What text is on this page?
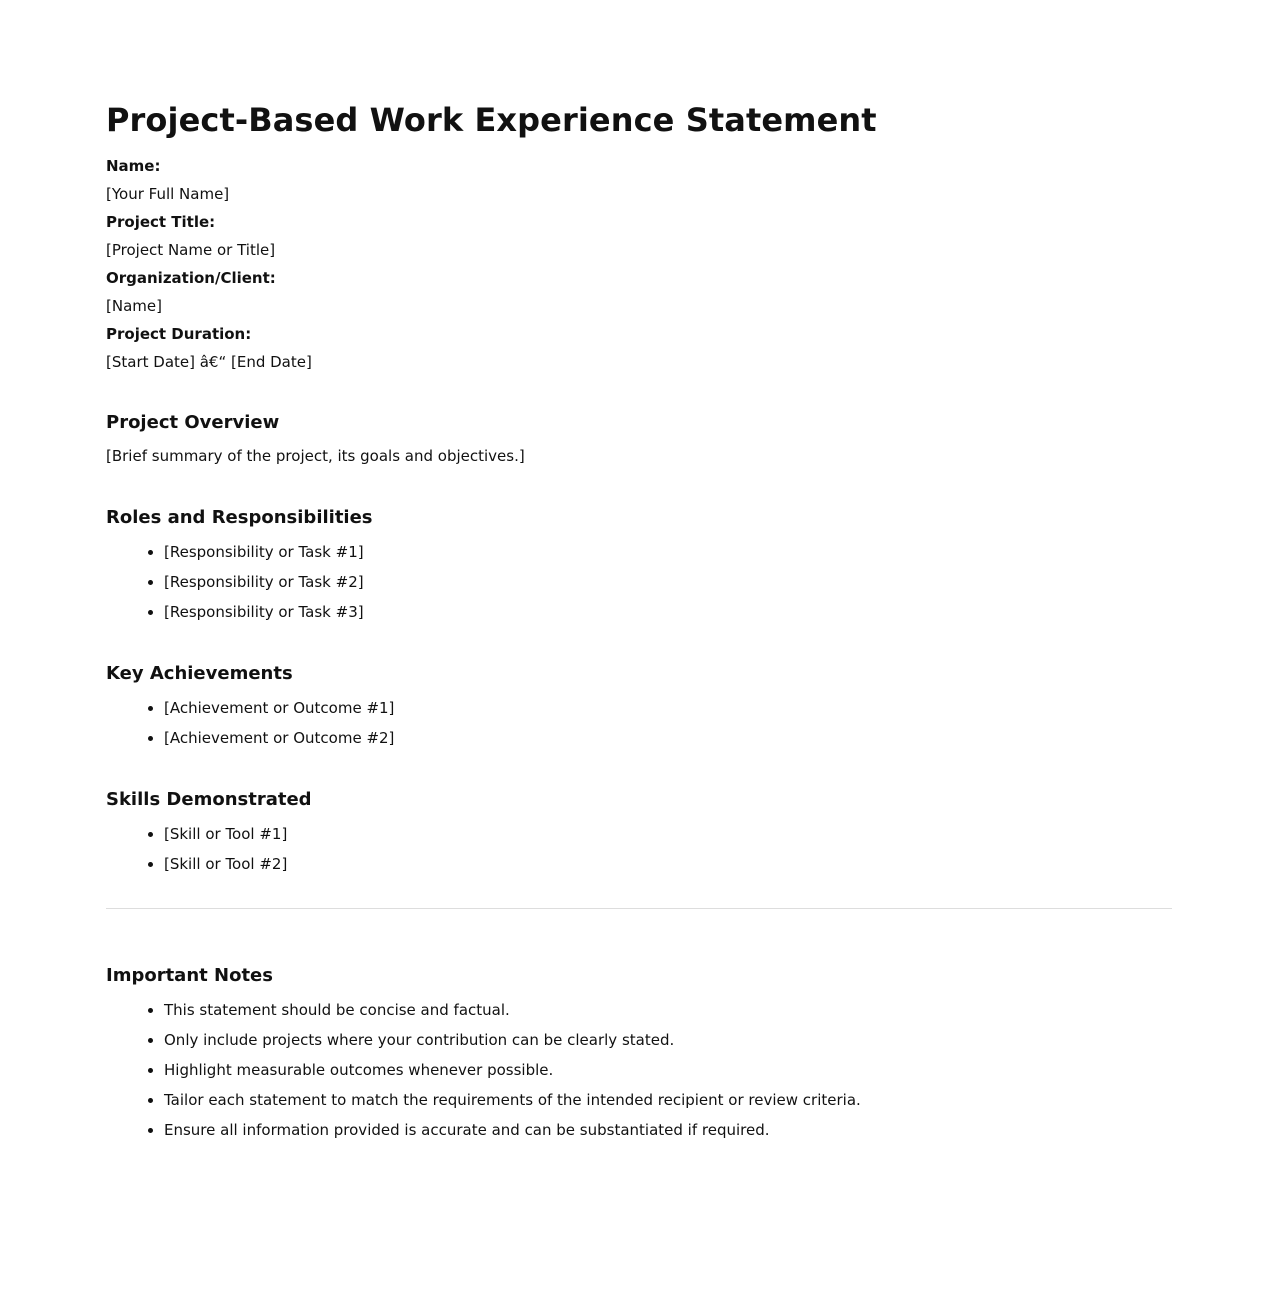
Project-Based Work Experience Statement
Name:
[Your Full Name]
Project Title:
[Project Name or Title]
Organization/Client:
[Name]
Project Duration:
[Start Date] â€“ [End Date]
Project Overview

[Brief summary of the project, its goals and objectives.]

Roles and Responsibilities
• [Responsibility or Task #1]
• [Responsibility or Task #2]
• [Responsibility or Task #3]
Key Achievements
• [Achievement or Outcome #1]
• [Achievement or Outcome #2]
Skills Demonstrated
• [Skill or Tool #1]
• [Skill or Tool #2]
Important Notes
• This statement should be concise and factual.
• Only include projects where your contribution can be clearly stated.
• Highlight measurable outcomes whenever possible.
• Tailor each statement to match the requirements of the intended recipient or review criteria.
• Ensure all information provided is accurate and can be substantiated if required.
